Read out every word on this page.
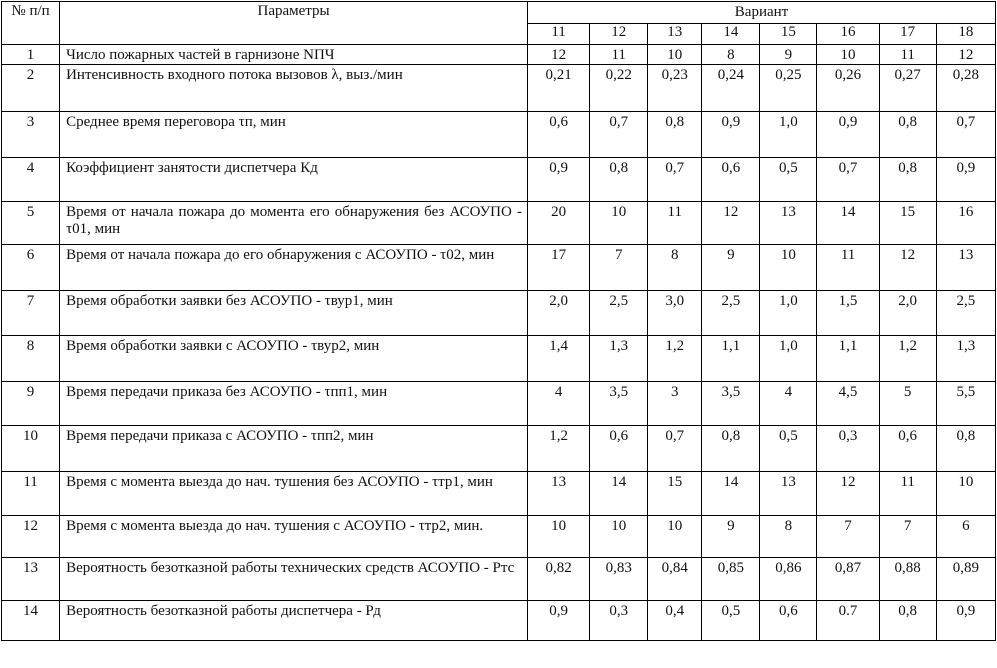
№ п/п	Параметры	Вариант							
		11	12	13	14	15	16	17	18
1	Число пожарных частей в гарнизоне NПЧ	12	11	10	8	9	10	11	12
2	Интенсивность входного потока вызовов λ, выз./мин	0,21	0,22	0,23	0,24	0,25	0,26	0,27	0,28
3	Среднее время переговора τп, мин	0,6	0,7	0,8	0,9	1,0	0,9	0,8	0,7
4	Коэффициент занятости диспетчера Кд	0,9	0,8	0,7	0,6	0,5	0,7	0,8	0,9
5	Время от начала пожара до момента его обнаружения без АСОУПО - τ01, мин	20	10	11	12	13	14	15	16
6	Время от начала пожара до его обнаружения с АСОУПО - τ02, мин	17	7	8	9	10	11	12	13
7	Время обработки заявки без АСОУПО - τвур1, мин	2,0	2,5	3,0	2,5	1,0	1,5	2,0	2,5
8	Время обработки заявки с АСОУПО - τвур2, мин	1,4	1,3	1,2	1,1	1,0	1,1	1,2	1,3
9	Время передачи приказа без АСОУПО - τпп1, мин	4	3,5	3	3,5	4	4,5	5	5,5
10	Время передачи приказа с АСОУПО - τпп2, мин	1,2	0,6	0,7	0,8	0,5	0,3	0,6	0,8
11	Время с момента выезда до нач. тушения без АСОУПО - τтр1, мин	13	14	15	14	13	12	11	10
12	Время с момента выезда до нач. тушения с АСОУПО - τтр2, мин.	10	10	10	9	8	7	7	6
13	Вероятность безотказной работы технических средств АСОУПО - Ртс	0,82	0,83	0,84	0,85	0,86	0,87	0,88	0,89
14	Вероятность безотказной работы диспетчера - Рд	0,9	0,3	0,4	0,5	0,6	0.7	0,8	0,9
